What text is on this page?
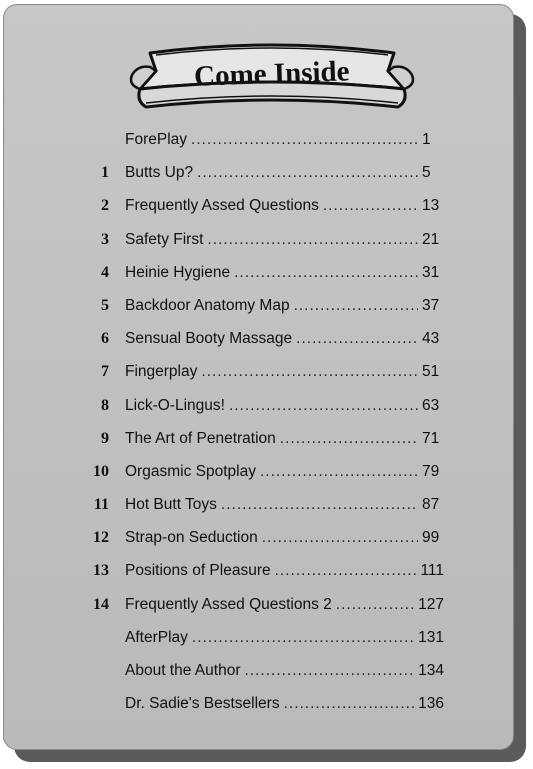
Come Inside
ForePlay .....	1
1 Butts Up? .....	5
2 Frequently Assed Questions .....	13
3 Safety First .....	21
4 Heinie Hygiene .....	31
5 Backdoor Anatomy Map .....	37
6 Sensual Booty Massage .....	43
7 Fingerplay .....	51
8 Lick-O-Lingus! .....	63
9 The Art of Penetration .....	71
10 Orgasmic Spotplay .....	79
11 Hot Butt Toys .....	87
12 Strap-on Seduction .....	99
13 Positions of Pleasure .....	111
14 Frequently Assed Questions 2 .....	127
AfterPlay .....	131
About the Author .....	134
Dr. Sadie's Bestsellers .....	136
